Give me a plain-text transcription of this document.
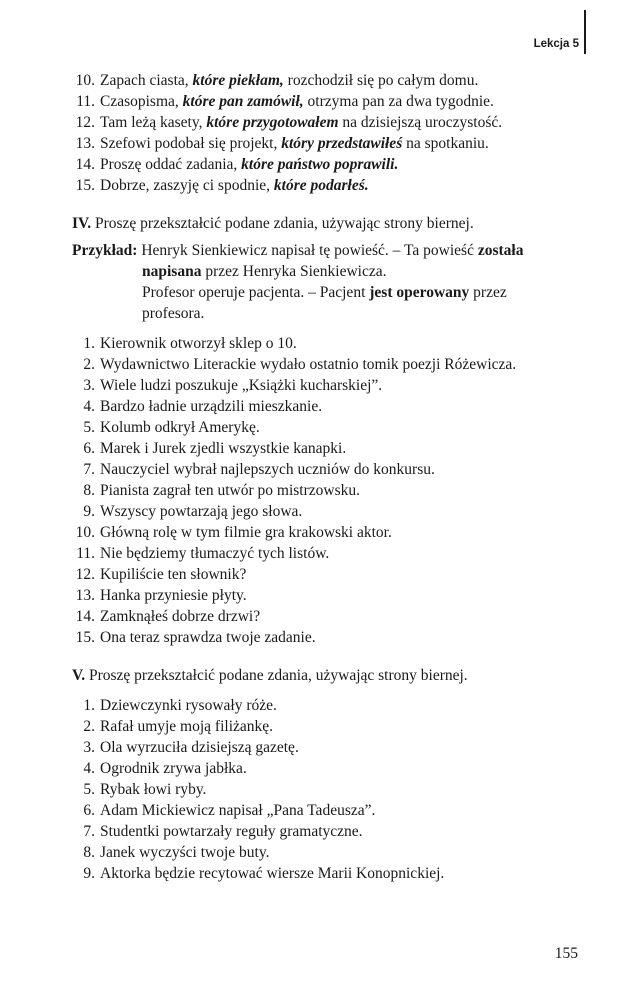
Lekcja 5
10. Zapach ciasta, które piekłam, rozchodził się po całym domu.
11. Czasopisma, które pan zamówił, otrzyma pan za dwa tygodnie.
12. Tam leżą kasety, które przygotowałem na dzisiejszą uroczystość.
13. Szefowi podobał się projekt, który przedstawiłeś na spotkaniu.
14. Proszę oddać zadania, które państwo poprawili.
15. Dobrze, zaszyję ci spodnie, które podarłeś.
IV. Proszę przekształcić podane zdania, używając strony biernej.
Przykład: Henryk Sienkiewicz napisał tę powieść. – Ta powieść została
napisana przez Henryka Sienkiewicza.
Profesor operuje pacjenta. – Pacjent jest operowany przez
profesora.
1. Kierownik otworzył sklep o 10.
2. Wydawnictwo Literackie wydało ostatnio tomik poezji Różewicza.
3. Wiele ludzi poszukuje „Książki kucharskiej”.
4. Bardzo ładnie urządzili mieszkanie.
5. Kolumb odkrył Amerykę.
6. Marek i Jurek zjedli wszystkie kanapki.
7. Nauczyciel wybrał najlepszych uczniów do konkursu.
8. Pianista zagrał ten utwór po mistrzowsku.
9. Wszyscy powtarzają jego słowa.
10. Główną rolę w tym filmie gra krakowski aktor.
11. Nie będziemy tłumaczyć tych listów.
12. Kupiliście ten słownik?
13. Hanka przyniesie płyty.
14. Zamknąłeś dobrze drzwi?
15. Ona teraz sprawdza twoje zadanie.
V. Proszę przekształcić podane zdania, używając strony biernej.
1. Dziewczynki rysowały róże.
2. Rafał umyje moją filiżankę.
3. Ola wyrzuciła dzisiejszą gazetę.
4. Ogrodnik zrywa jabłka.
5. Rybak łowi ryby.
6. Adam Mickiewicz napisał „Pana Tadeusza”.
7. Studentki powtarzały reguły gramatyczne.
8. Janek wyczyści twoje buty.
9. Aktorka będzie recytować wiersze Marii Konopnickiej.
155
